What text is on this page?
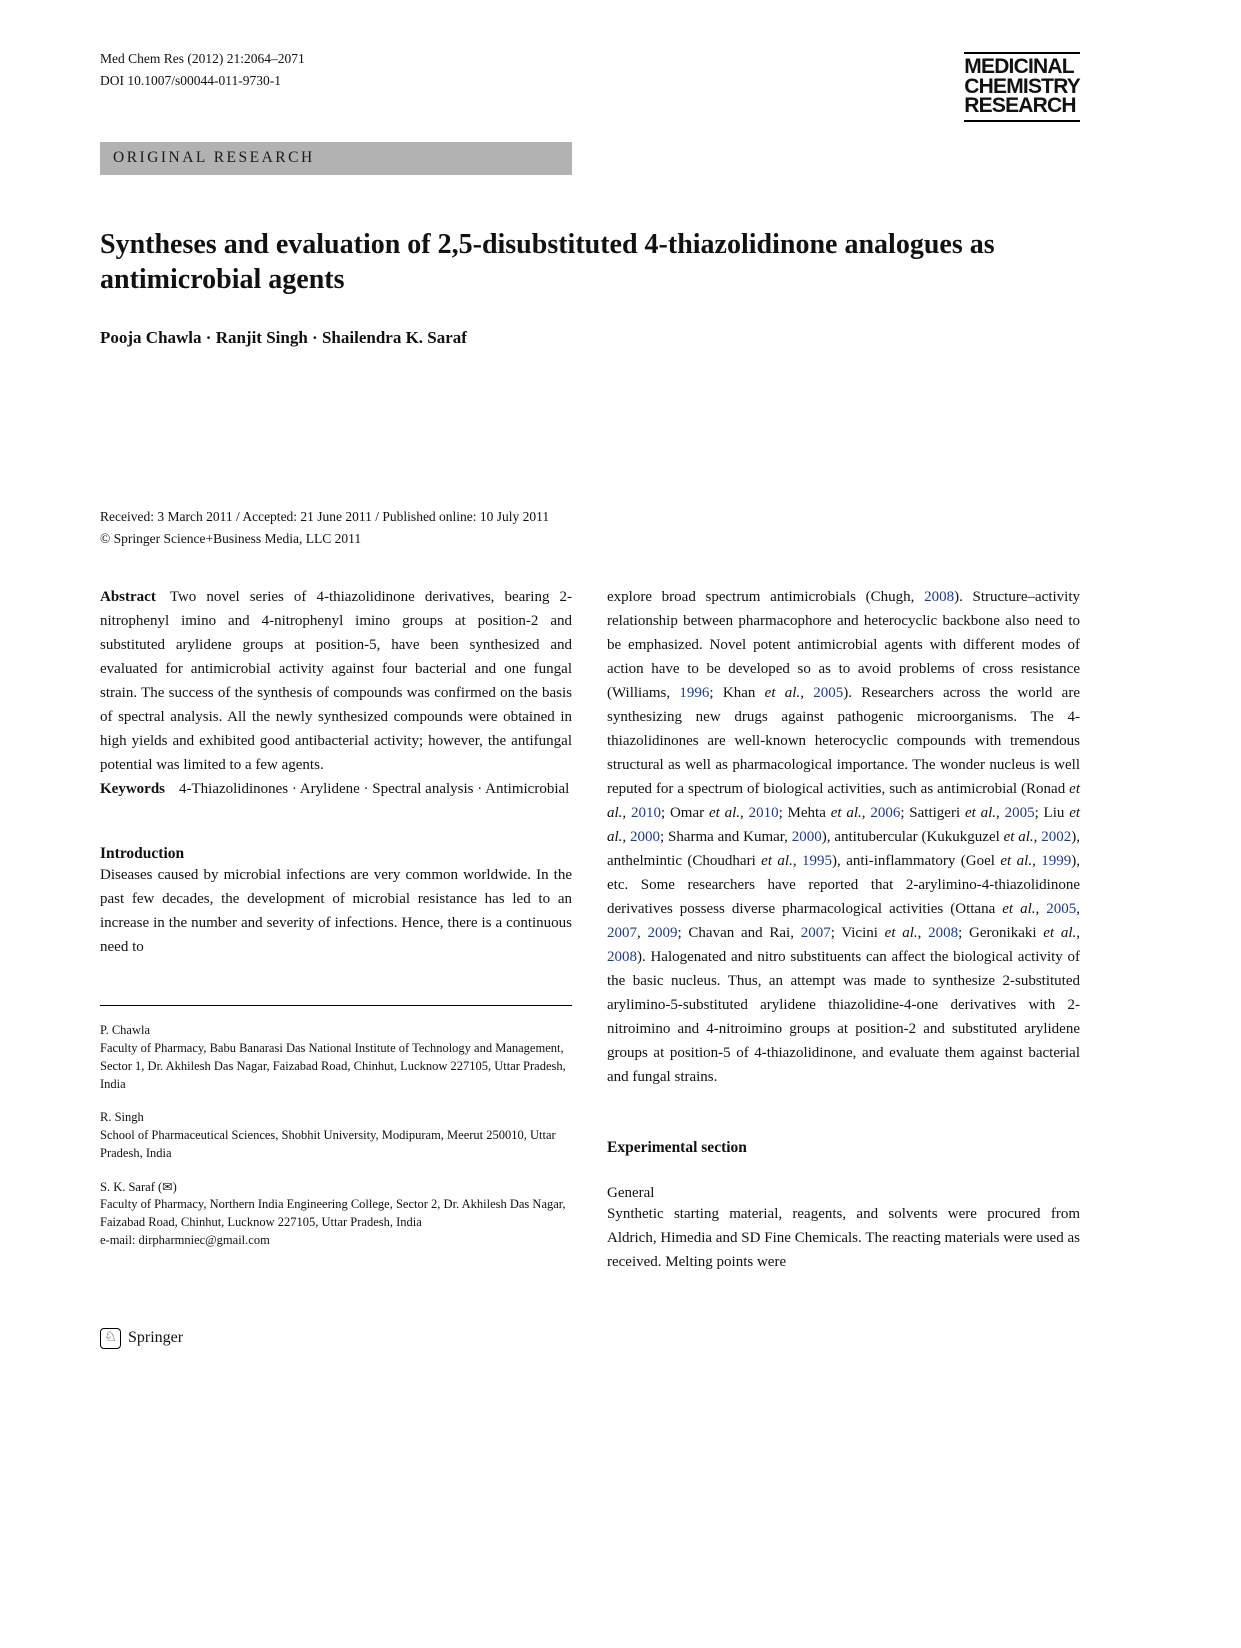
Med Chem Res (2012) 21:2064–2071
DOI 10.1007/s00044-011-9730-1
MEDICINAL
CHEMISTRY
RESEARCH
ORIGINAL RESEARCH
Syntheses and evaluation of 2,5-disubstituted 4-thiazolidinone analogues as antimicrobial agents
Pooja Chawla · Ranjit Singh · Shailendra K. Saraf
Received: 3 March 2011 / Accepted: 21 June 2011 / Published online: 10 July 2011
© Springer Science+Business Media, LLC 2011

Abstract Two novel series of 4-thiazolidinone derivatives, bearing 2-nitrophenyl imino and 4-nitrophenyl imino groups at position-2 and substituted arylidene groups at position-5, have been synthesized and evaluated for antimicrobial activity against four bacterial and one fungal strain. The success of the synthesis of compounds was confirmed on the basis of spectral analysis. All the newly synthesized compounds were obtained in high yields and exhibited good antibacterial activity; however, the antifungal potential was limited to a few agents.

Keywords 4-Thiazolidinones · Arylidene · Spectral analysis · Antimicrobial

Introduction

Diseases caused by microbial infections are very common worldwide. In the past few decades, the development of microbial resistance has led to an increase in the number and severity of infections. Hence, there is a continuous need to

P. Chawla
Faculty of Pharmacy, Babu Banarasi Das National Institute of Technology and Management, Sector 1, Dr. Akhilesh Das Nagar, Faizabad Road, Chinhut, Lucknow 227105, Uttar Pradesh, India
R. Singh
School of Pharmaceutical Sciences, Shobhit University, Modipuram, Meerut 250010, Uttar Pradesh, India
S. K. Saraf (✉)
Faculty of Pharmacy, Northern India Engineering College, Sector 2, Dr. Akhilesh Das Nagar, Faizabad Road, Chinhut, Lucknow 227105, Uttar Pradesh, India
e-mail: dirpharmniec@gmail.com
♘ Springer

explore broad spectrum antimicrobials (Chugh, 2008). Structure–activity relationship between pharmacophore and heterocyclic backbone also need to be emphasized. Novel potent antimicrobial agents with different modes of action have to be developed so as to avoid problems of cross resistance (Williams, 1996; Khan et al., 2005). Researchers across the world are synthesizing new drugs against pathogenic microorganisms. The 4-thiazolidinones are well-known heterocyclic compounds with tremendous structural as well as pharmacological importance. The wonder nucleus is well reputed for a spectrum of biological activities, such as antimicrobial (Ronad et al., 2010; Omar et al., 2010; Mehta et al., 2006; Sattigeri et al., 2005; Liu et al., 2000; Sharma and Kumar, 2000), antitubercular (Kukukguzel et al., 2002), anthelmintic (Choudhari et al., 1995), anti-inflammatory (Goel et al., 1999), etc. Some researchers have reported that 2-arylimino-4-thiazolidinone derivatives possess diverse pharmacological activities (Ottana et al., 2005, 2007, 2009; Chavan and Rai, 2007; Vicini et al., 2008; Geronikaki et al., 2008). Halogenated and nitro substituents can affect the biological activity of the basic nucleus. Thus, an attempt was made to synthesize 2-substituted arylimino-5-substituted arylidene thiazolidine-4-one derivatives with 2-nitroimino and 4-nitroimino groups at position-2 and substituted arylidene groups at position-5 of 4-thiazolidinone, and evaluate them against bacterial and fungal strains.

Experimental section
General

Synthetic starting material, reagents, and solvents were procured from Aldrich, Himedia and SD Fine Chemicals. The reacting materials were used as received. Melting points were
